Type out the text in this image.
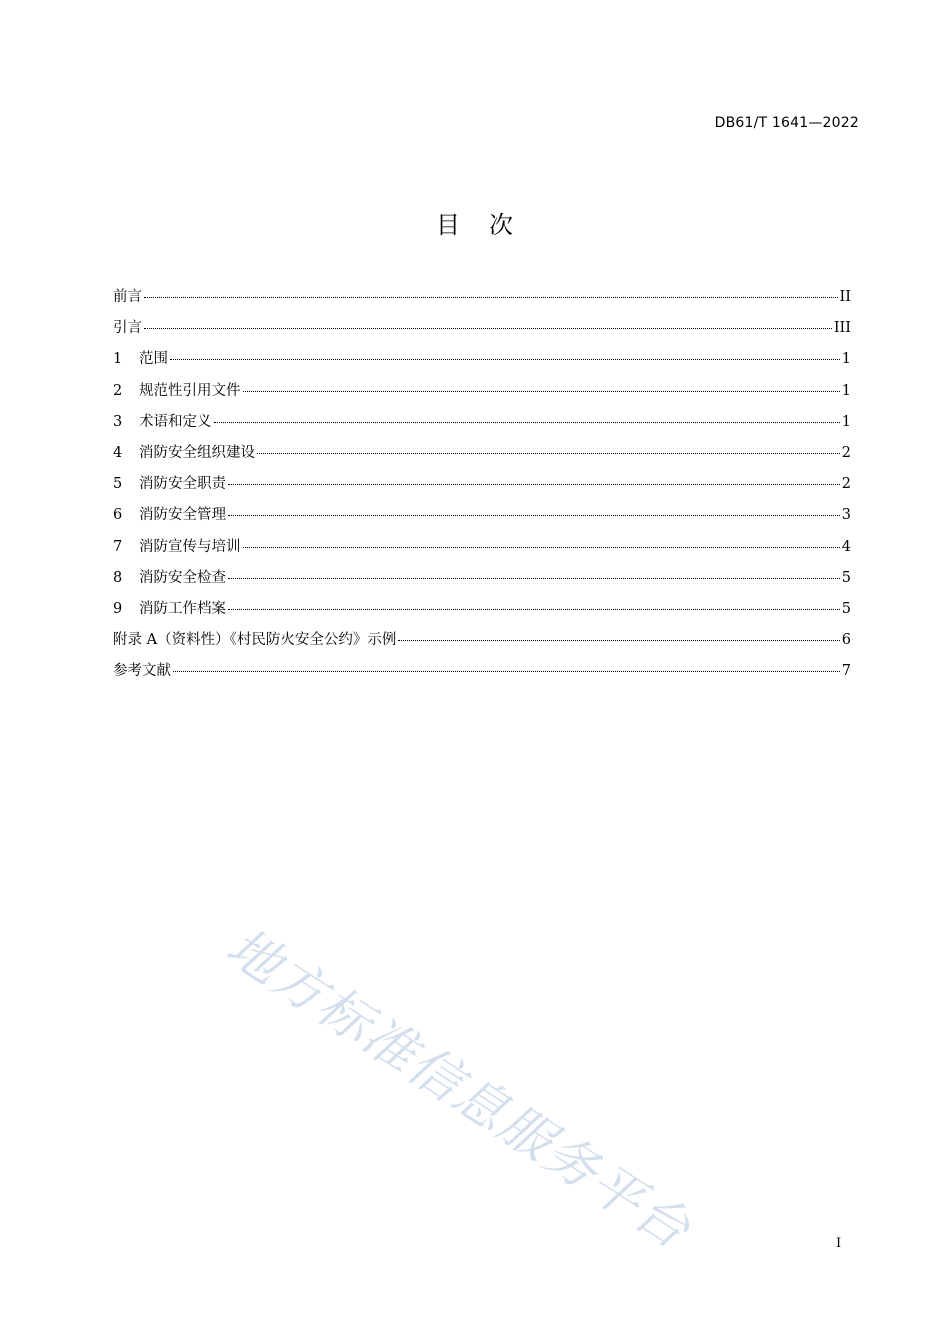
DB61/T 1641—2022
目 次
前言	II
引言	III
1	范围	1
2	规范性引用文件	1
3	术语和定义	1
4	消防安全组织建设	2
5	消防安全职责	2
6	消防安全管理	3
7	消防宣传与培训	4
8	消防安全检查	5
9	消防工作档案	5
附录 A（资料性）《村民防火安全公约》示例	6
参考文献	7
地方标准信息服务平台	I
